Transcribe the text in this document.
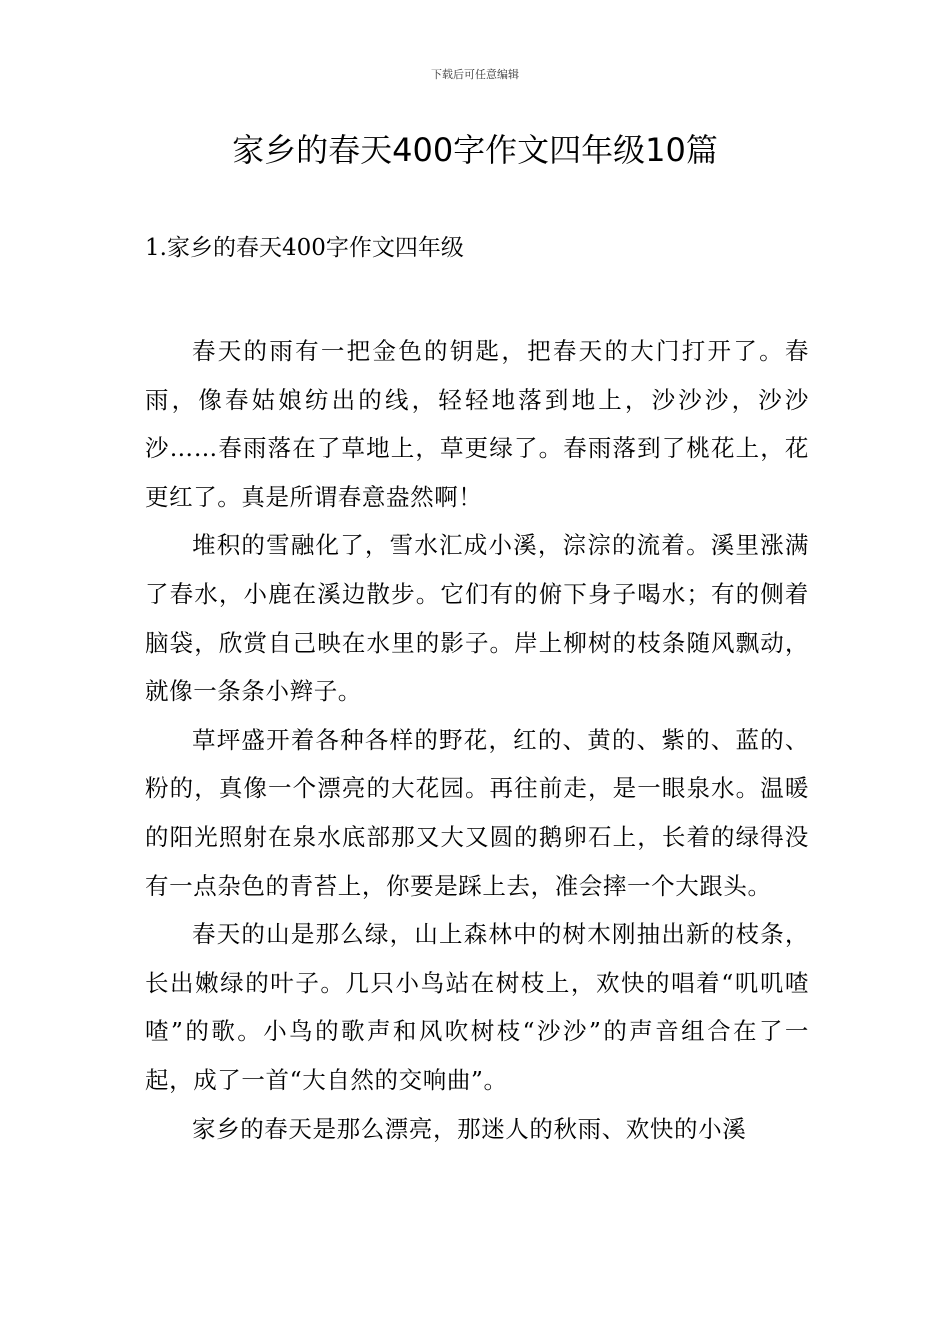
下载后可任意编辑
家乡的春天400字作文四年级10篇
1.家乡的春天400字作文四年级

春天的雨有一把金色的钥匙，把春天的大门打开了。春雨，像春姑娘纺出的线，轻轻地落到地上，沙沙沙，沙沙沙……春雨落在了草地上，草更绿了。春雨落到了桃花上，花更红了。真是所谓春意盎然啊！

堆积的雪融化了，雪水汇成小溪，淙淙的流着。溪里涨满了春水，小鹿在溪边散步。它们有的俯下身子喝水；有的侧着脑袋，欣赏自己映在水里的影子。岸上柳树的枝条随风飘动，就像一条条小辫子。

草坪盛开着各种各样的野花，红的、黄的、紫的、蓝的、粉的，真像一个漂亮的大花园。再往前走，是一眼泉水。温暖的阳光照射在泉水底部那又大又圆的鹅卵石上，长着的绿得没有一点杂色的青苔上，你要是踩上去，准会摔一个大跟头。

春天的山是那么绿，山上森林中的树木刚抽出新的枝条，长出嫩绿的叶子。几只小鸟站在树枝上，欢快的唱着“叽叽喳喳”的歌。小鸟的歌声和风吹树枝“沙沙”的声音组合在了一起，成了一首“大自然的交响曲”。

家乡的春天是那么漂亮，那迷人的秋雨、欢快的小溪
